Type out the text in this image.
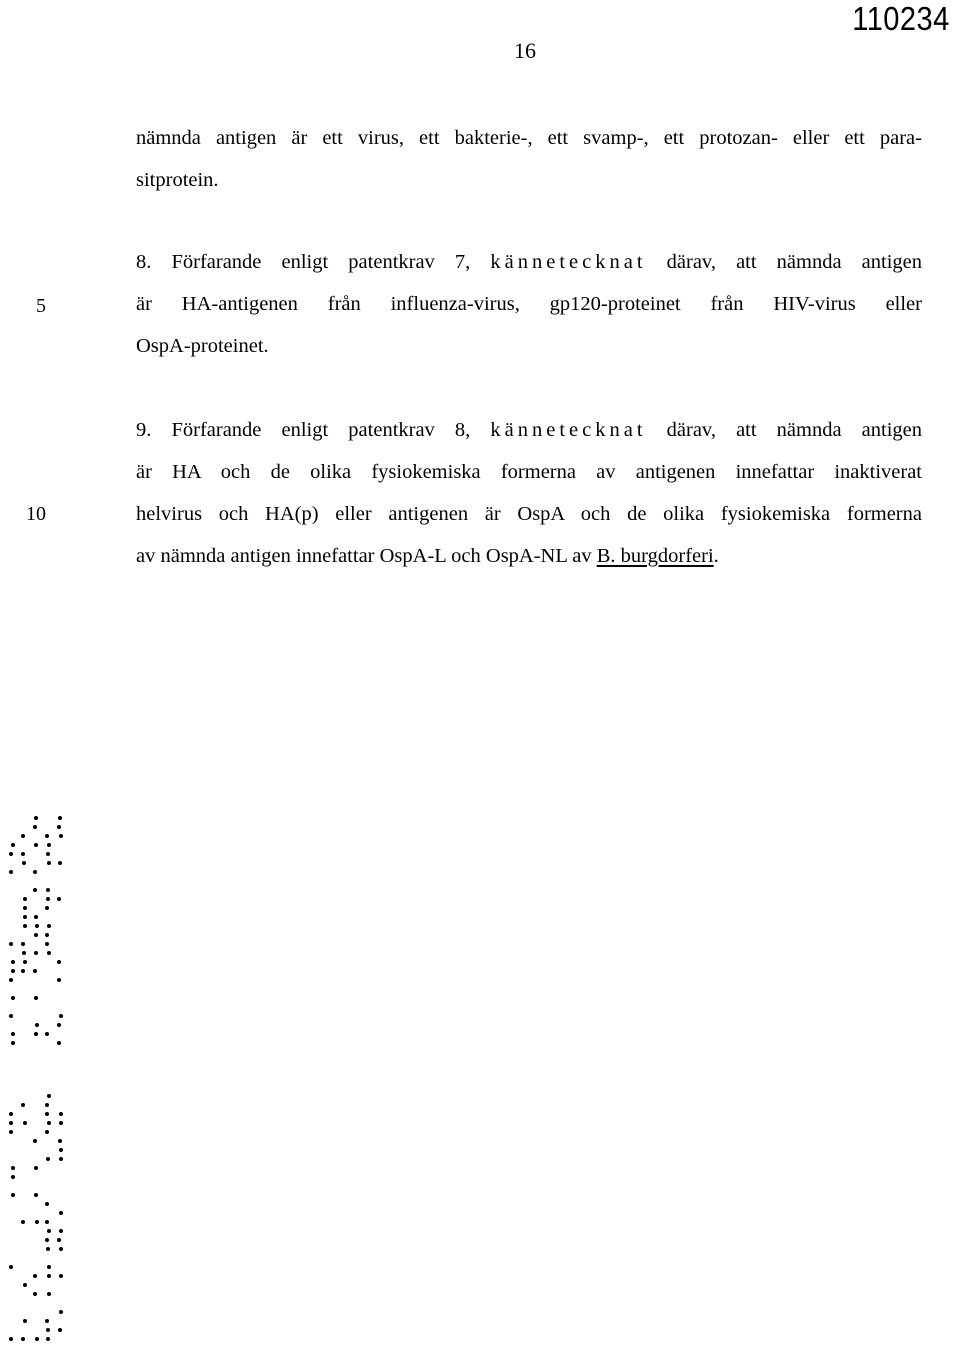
110234
16
nämnda antigen är ett virus, ett bakterie-, ett svamp-, ett protozan- eller ett para-
sitprotein.
8. Förfarande enligt patentkrav 7, kännetecknat därav, att nämnda antigen
är HA-antigenen från influenza-virus, gp120-proteinet från HIV-virus eller
OspA-proteinet.
9. Förfarande enligt patentkrav 8, kännetecknat därav, att nämnda antigen
är HA och de olika fysiokemiska formerna av antigenen innefattar inaktiverat
helvirus och HA(p) eller antigenen är OspA och de olika fysiokemiska formerna
av nämnda antigen innefattar OspA-L och OspA-NL av B. burgdorferi.
5
10
